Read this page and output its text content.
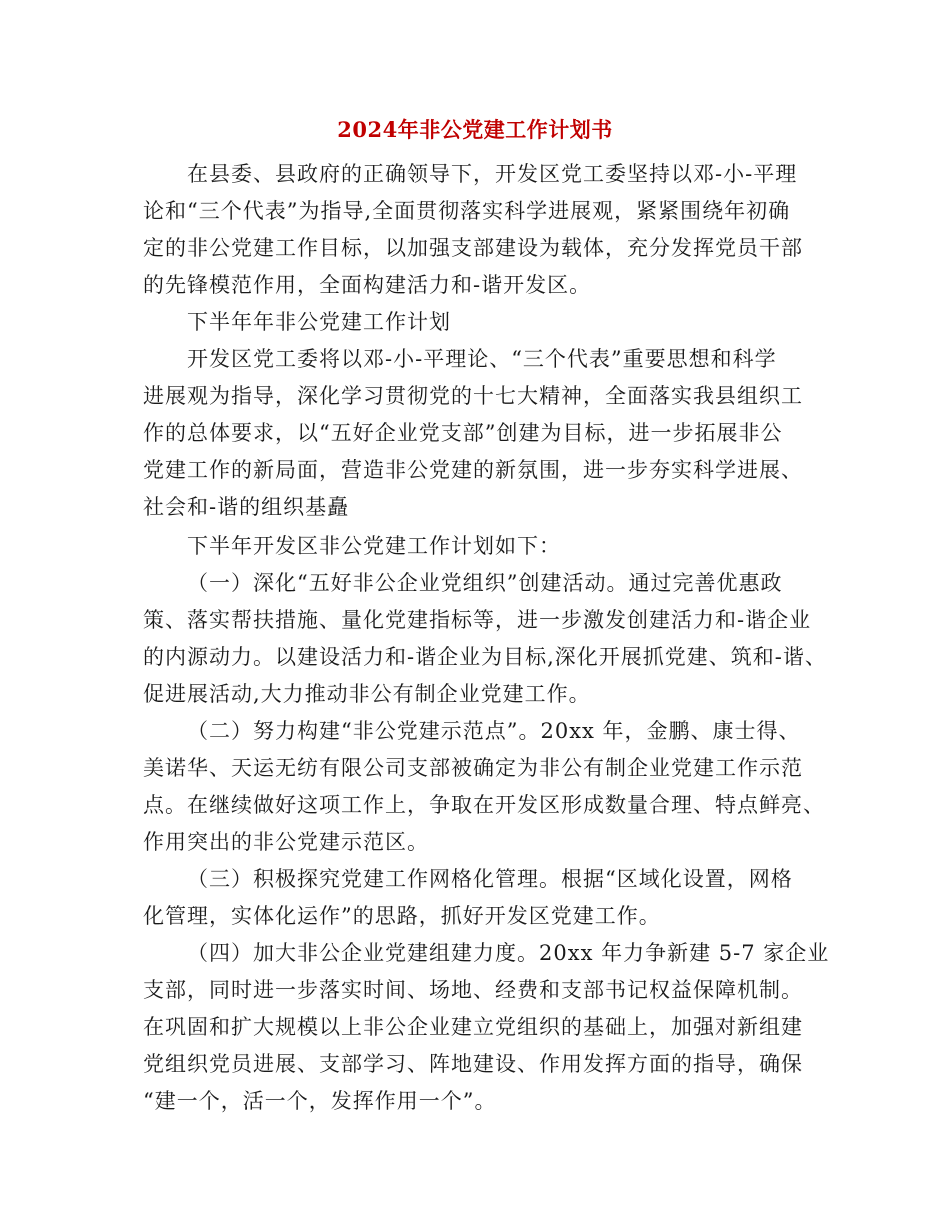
2024年非公党建工作计划书
在县委、县政府的正确领导下，开发区党工委坚持以邓-小-平理
论和“三个代表”为指导,全面贯彻落实科学进展观，紧紧围绕年初确
定的非公党建工作目标，以加强支部建设为载体，充分发挥党员干部
的先锋模范作用，全面构建活力和-谐开发区。
下半年年非公党建工作计划
开发区党工委将以邓-小-平理论、“三个代表”重要思想和科学
进展观为指导，深化学习贯彻党的十七大精神，全面落实我县组织工
作的总体要求，以“五好企业党支部”创建为目标，进一步拓展非公
党建工作的新局面，营造非公党建的新氛围，进一步夯实科学进展、
社会和-谐的组织基矗
下半年开发区非公党建工作计划如下：
（一）深化“五好非公企业党组织”创建活动。通过完善优惠政
策、落实帮扶措施、量化党建指标等，进一步激发创建活力和-谐企业
的内源动力。以建设活力和-谐企业为目标,深化开展抓党建、筑和-谐、
促进展活动,大力推动非公有制企业党建工作。
（二）努力构建“非公党建示范点”。20xx 年，金鹏、康士得、
美诺华、天运无纺有限公司支部被确定为非公有制企业党建工作示范
点。在继续做好这项工作上，争取在开发区形成数量合理、特点鲜亮、
作用突出的非公党建示范区。
（三）积极探究党建工作网格化管理。根据“区域化设置，网格
化管理，实体化运作”的思路，抓好开发区党建工作。
（四）加大非公企业党建组建力度。20xx 年力争新建 5-7 家企业
支部，同时进一步落实时间、场地、经费和支部书记权益保障机制。
在巩固和扩大规模以上非公企业建立党组织的基础上，加强对新组建
党组织党员进展、支部学习、阵地建设、作用发挥方面的指导，确保
“建一个，活一个，发挥作用一个”。
